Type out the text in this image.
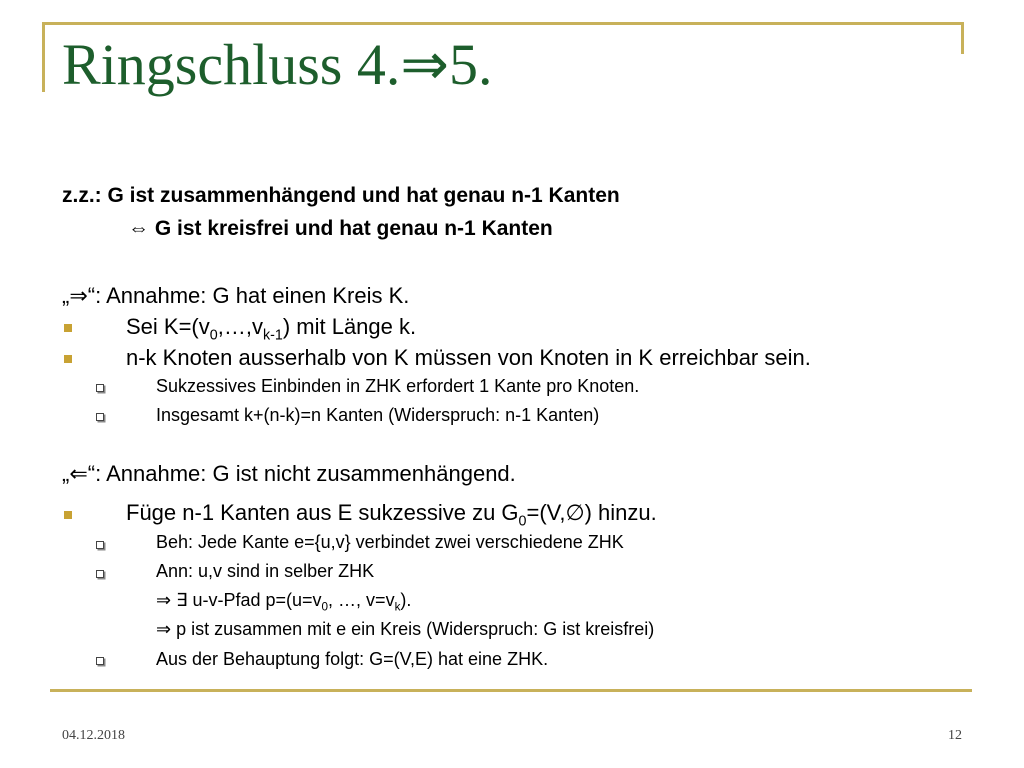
Ringschluss 4.⇒5.
z.z.: G ist zusammenhängend und hat genau n-1 Kanten
⇔ G ist kreisfrei und hat genau n-1 Kanten
„⇒“: Annahme: G hat einen Kreis K.
Sei $K=(v_0,\dots,v_{k-1})$ mit Länge k.
n-k Knoten ausserhalb von K müssen von Knoten in K erreichbar sein.
Sukzessives Einbinden in ZHK erfordert 1 Kante pro Knoten.
Insgesamt k+(n-k)=n Kanten (Widerspruch: n-1 Kanten)
„⇐“: Annahme: G ist nicht zusammenhängend.
Füge n-1 Kanten aus E sukzessive zu $G_0=(V,\emptyset)$ hinzu.
Beh: Jede Kante e={u,v} verbindet zwei verschiedene ZHK
Ann: u,v sind in selber ZHK
⇒ ∃ u-v-Pfad $p=(u=v_0$, …, $v=v_k$).
⇒ p ist zusammen mit e ein Kreis (Widerspruch: G ist kreisfrei)
Aus der Behauptung folgt: G=(V,E) hat eine ZHK.
04.12.2018	12
